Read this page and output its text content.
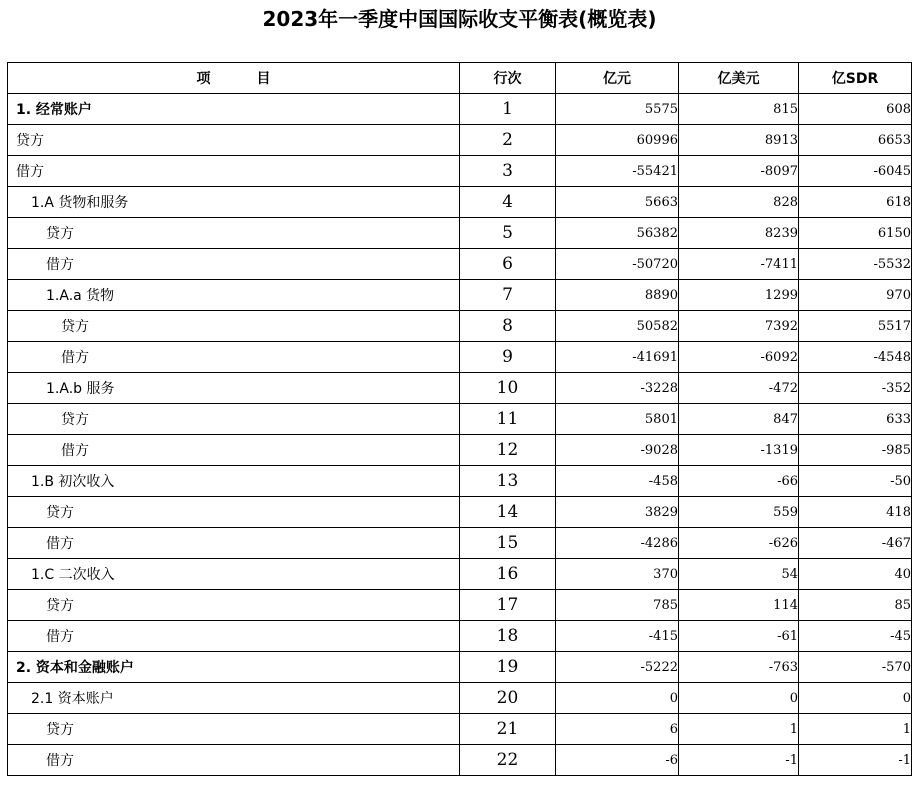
2023年一季度中国国际收支平衡表(概览表)
项 目	行次	亿元	亿美元	亿SDR
1. 经常账户	1	5575	815	608
贷方	2	60996	8913	6653
借方	3	-55421	-8097	-6045
1.A 货物和服务	4	5663	828	618
贷方	5	56382	8239	6150
借方	6	-50720	-7411	-5532
1.A.a 货物	7	8890	1299	970
贷方	8	50582	7392	5517
借方	9	-41691	-6092	-4548
1.A.b 服务	10	-3228	-472	-352
贷方	11	5801	847	633
借方	12	-9028	-1319	-985
1.B 初次收入	13	-458	-66	-50
贷方	14	3829	559	418
借方	15	-4286	-626	-467
1.C 二次收入	16	370	54	40
贷方	17	785	114	85
借方	18	-415	-61	-45
2. 资本和金融账户	19	-5222	-763	-570
2.1 资本账户	20	0	0	0
贷方	21	6	1	1
借方	22	-6	-1	-1
